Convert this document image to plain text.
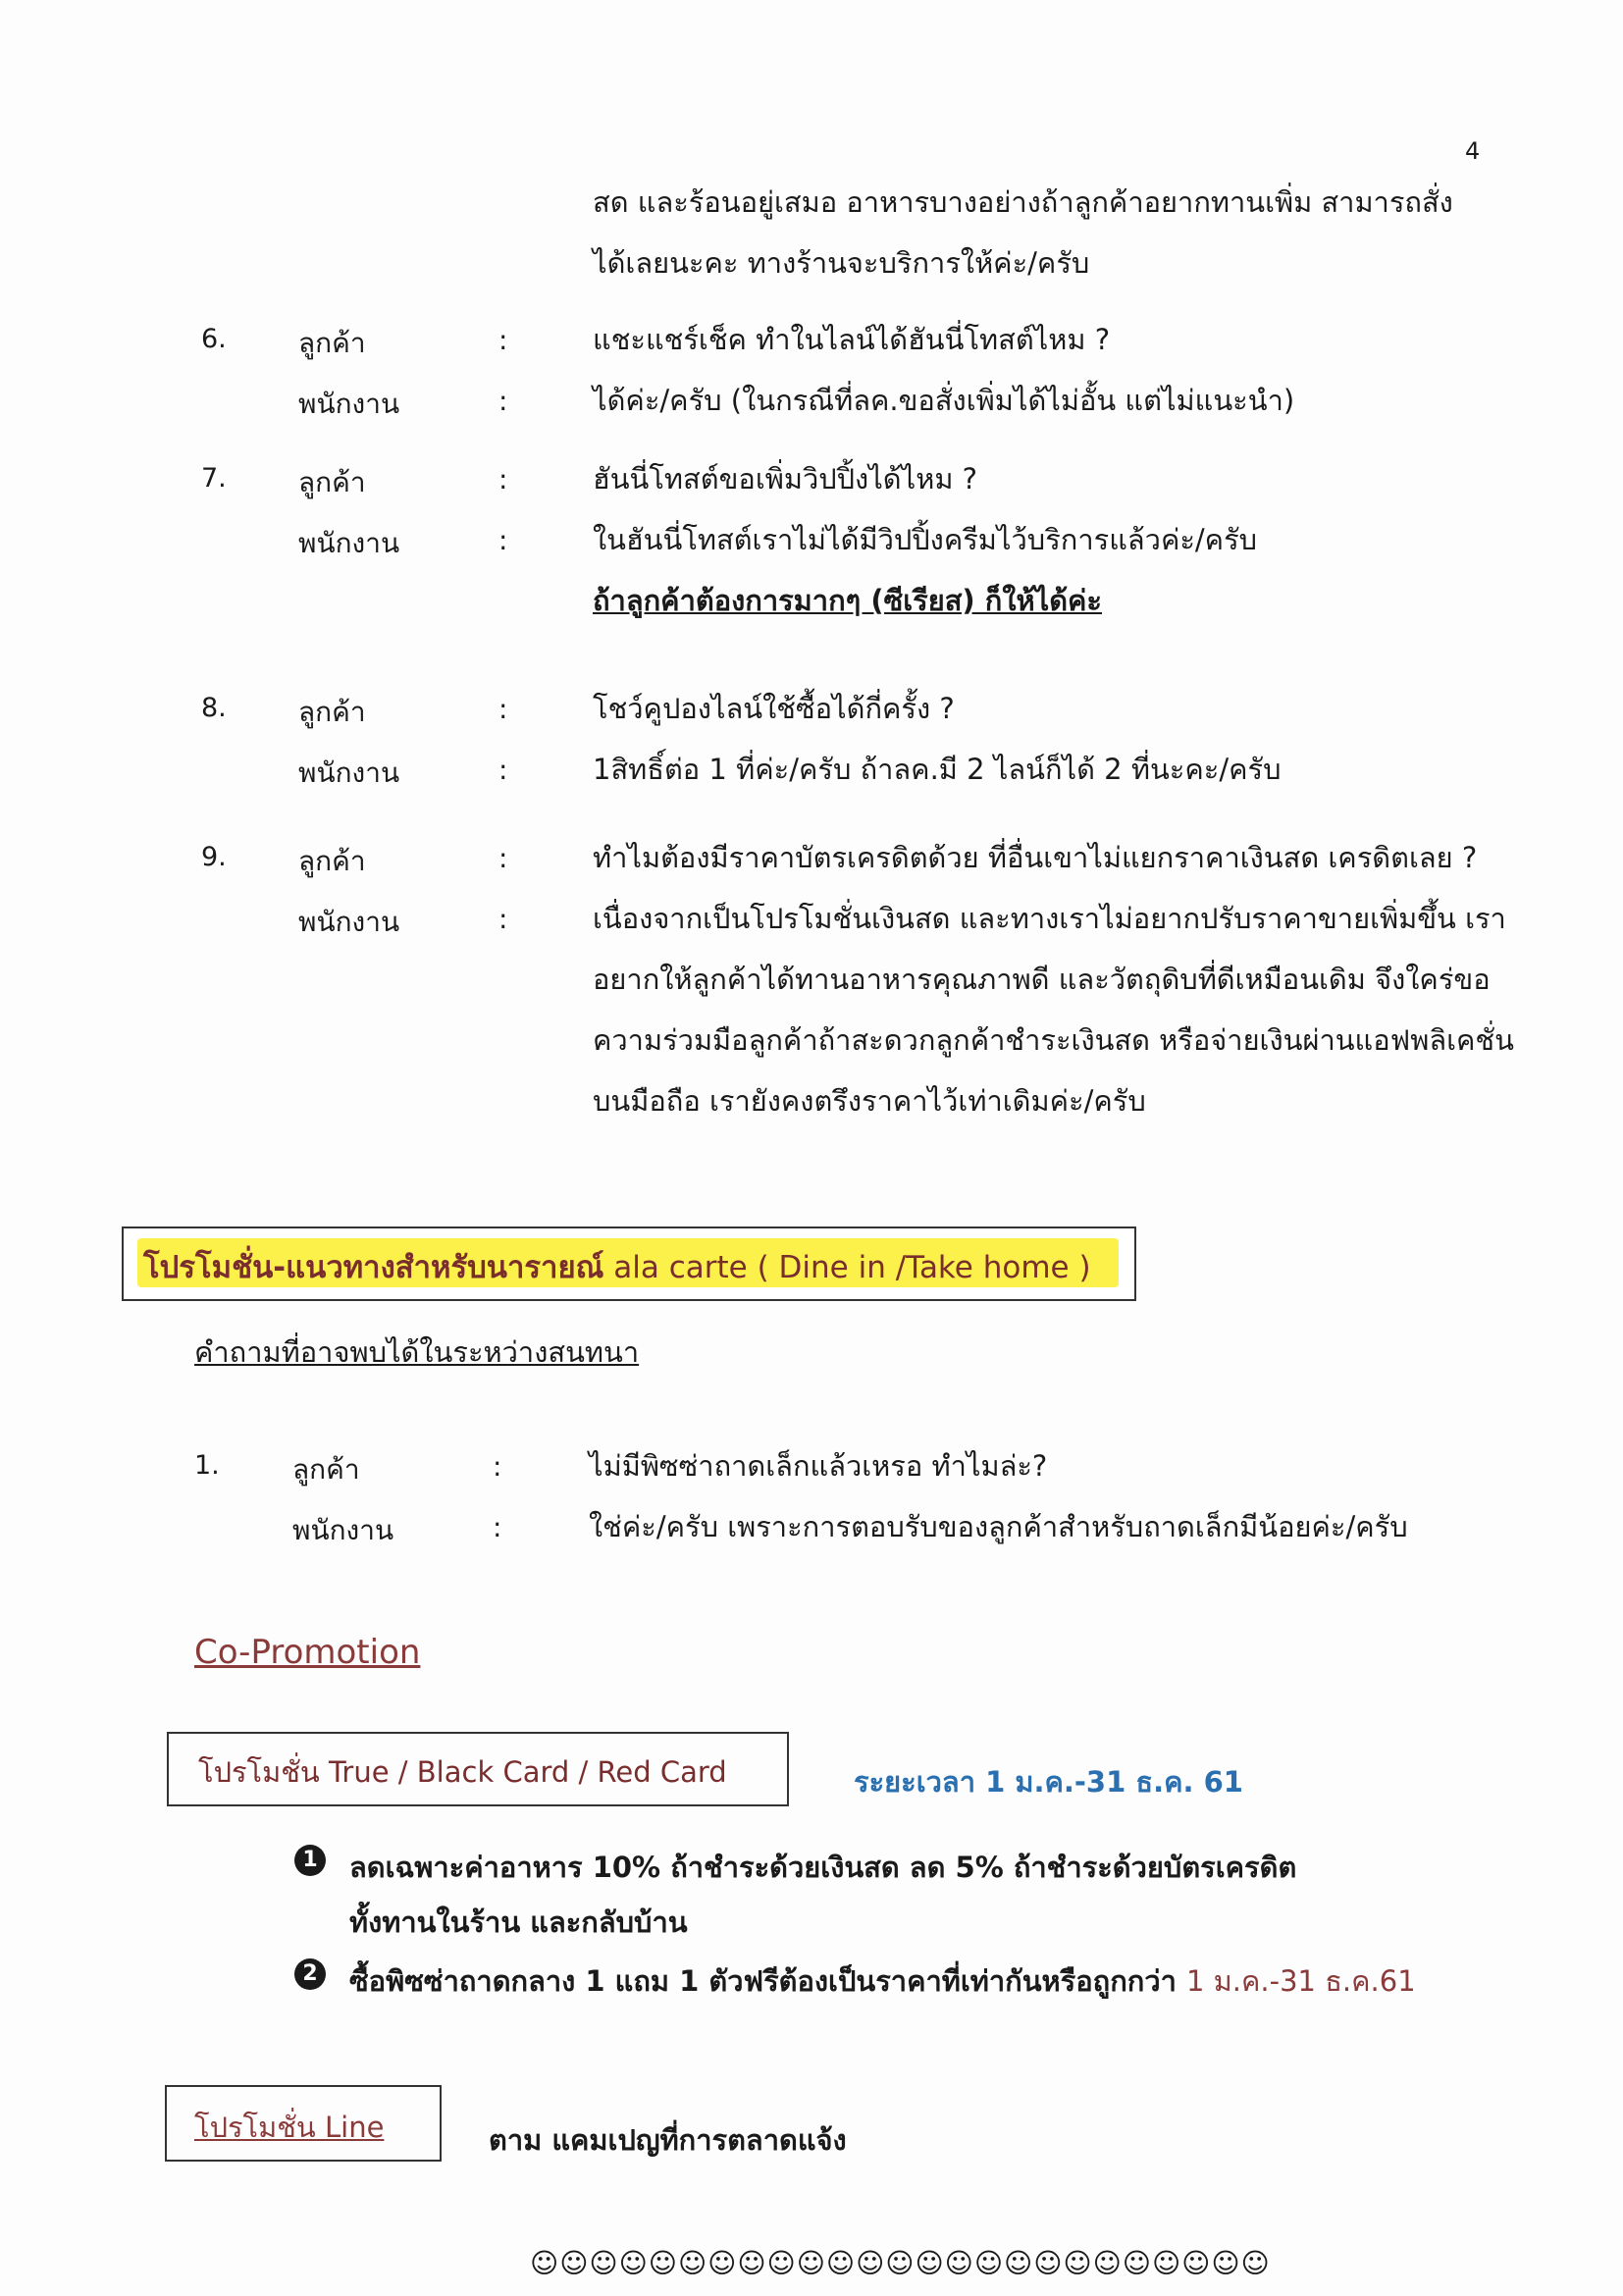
4
สด และร้อนอยู่เสมอ อาหารบางอย่างถ้าลูกค้าอยากทานเพิ่ม สามารถสั่ง
ได้เลยนะคะ ทางร้านจะบริการให้ค่ะ/ครับ
6.	ลูกค้า	:	แชะแชร์เช็ค ทำในไลน์ได้ฮันนี่โทสต์ไหม ?
พนักงาน	:	ได้ค่ะ/ครับ (ในกรณีที่ลค.ขอสั่งเพิ่มได้ไม่อั้น แต่ไม่แนะนำ)
7.	ลูกค้า	:	ฮันนี่โทสต์ขอเพิ่มวิปปิ้งได้ไหม ?
พนักงาน	:	ในฮันนี่โทสต์เราไม่ได้มีวิปปิ้งครีมไว้บริการแล้วค่ะ/ครับ
ถ้าลูกค้าต้องการมากๆ (ซีเรียส) ก็ให้ได้ค่ะ
8.	ลูกค้า	:	โชว์คูปองไลน์ใช้ซื้อได้กี่ครั้ง ?
พนักงาน	:	1สิทธิ์ต่อ 1 ที่ค่ะ/ครับ ถ้าลค.มี 2 ไลน์ก็ได้ 2 ที่นะคะ/ครับ
9.	ลูกค้า	:	ทำไมต้องมีราคาบัตรเครดิตด้วย ที่อื่นเขาไม่แยกราคาเงินสด เครดิตเลย ?
พนักงาน	:	เนื่องจากเป็นโปรโมชั่นเงินสด และทางเราไม่อยากปรับราคาขายเพิ่มขึ้น เรา
อยากให้ลูกค้าได้ทานอาหารคุณภาพดี และวัตถุดิบที่ดีเหมือนเดิม จึงใคร่ขอ
ความร่วมมือลูกค้าถ้าสะดวกลูกค้าชำระเงินสด หรือจ่ายเงินผ่านแอฟพลิเคชั่น
บนมือถือ เรายังคงตรึงราคาไว้เท่าเดิมค่ะ/ครับ
โปรโมชั่น-แนวทางสำหรับนารายณ์ ala carte ( Dine in /Take home )
คำถามที่อาจพบได้ในระหว่างสนทนา
1.	ลูกค้า	:	ไม่มีพิซซ่าถาดเล็กแล้วเหรอ ทำไมล่ะ?
พนักงาน	:	ใช่ค่ะ/ครับ เพราะการตอบรับของลูกค้าสำหรับถาดเล็กมีน้อยค่ะ/ครับ
Co-Promotion
โปรโมชั่น True / Black Card / Red Card	ระยะเวลา 1 ม.ค.-31 ธ.ค. 61
1 ลดเฉพาะค่าอาหาร 10% ถ้าชำระด้วยเงินสด ลด 5% ถ้าชำระด้วยบัตรเครดิต
ทั้งทานในร้าน และกลับบ้าน
2 ซื้อพิซซ่าถาดกลาง 1 แถม 1 ตัวฟรีต้องเป็นราคาที่เท่ากันหรือถูกกว่า 1 ม.ค.-31 ธ.ค.61
โปรโมชั่น Line	ตาม แคมเปญที่การตลาดแจ้ง
☺☺☺☺☺☺☺☺☺☺☺☺☺☺☺☺☺☺☺☺☺☺☺☺☺
